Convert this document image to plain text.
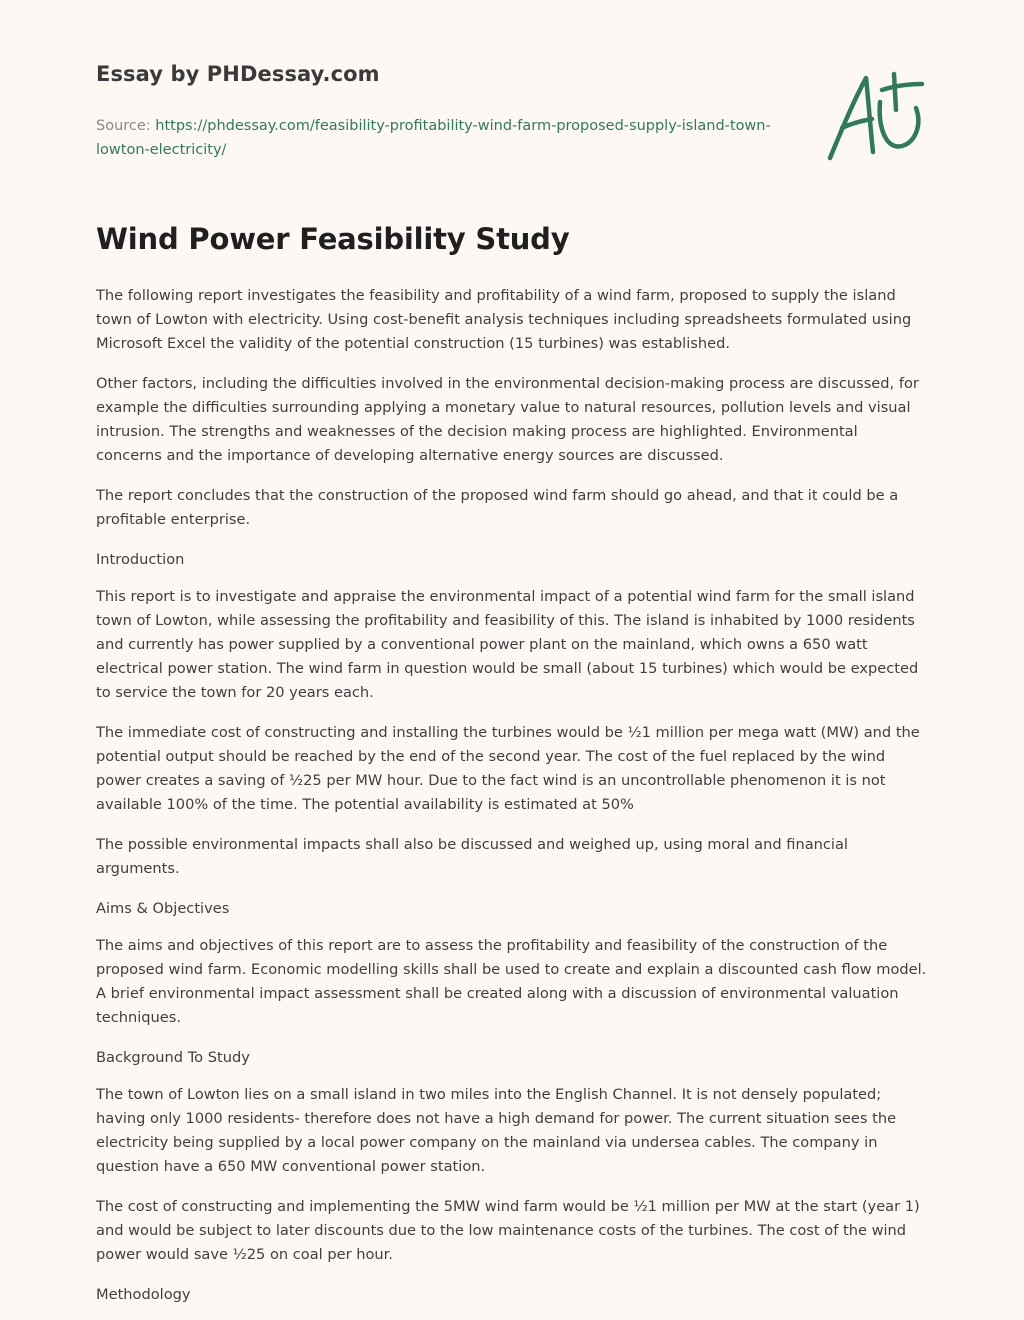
Essay by PHDessay.com
Source: https://phdessay.com/feasibility-profitability-wind-farm-proposed-supply-island-town-lowton-electricity/
Wind Power Feasibility Study

The following report investigates the feasibility and profitability of a wind farm, proposed to supply the island town of Lowton with electricity. Using cost-benefit analysis techniques including spreadsheets formulated using Microsoft Excel the validity of the potential construction (15 turbines) was established.

Other factors, including the difficulties involved in the environmental decision-making process are discussed, for example the difficulties surrounding applying a monetary value to natural resources, pollution levels and visual intrusion. The strengths and weaknesses of the decision making process are highlighted. Environmental concerns and the importance of developing alternative energy sources are discussed.

The report concludes that the construction of the proposed wind farm should go ahead, and that it could be a profitable enterprise.

Introduction

This report is to investigate and appraise the environmental impact of a potential wind farm for the small island town of Lowton, while assessing the profitability and feasibility of this. The island is inhabited by 1000 residents and currently has power supplied by a conventional power plant on the mainland, which owns a 650 watt electrical power station. The wind farm in question would be small (about 15 turbines) which would be expected to service the town for 20 years each.

The immediate cost of constructing and installing the turbines would be ½1 million per mega watt (MW) and the potential output should be reached by the end of the second year. The cost of the fuel replaced by the wind power creates a saving of ½25 per MW hour. Due to the fact wind is an uncontrollable phenomenon it is not available 100% of the time. The potential availability is estimated at 50%

The possible environmental impacts shall also be discussed and weighed up, using moral and financial arguments.

Aims & Objectives

The aims and objectives of this report are to assess the profitability and feasibility of the construction of the proposed wind farm. Economic modelling skills shall be used to create and explain a discounted cash flow model. A brief environmental impact assessment shall be created along with a discussion of environmental valuation techniques.

Background To Study

The town of Lowton lies on a small island in two miles into the English Channel. It is not densely populated; having only 1000 residents- therefore does not have a high demand for power. The current situation sees the electricity being supplied by a local power company on the mainland via undersea cables. The company in question have a 650 MW conventional power station.

The cost of constructing and implementing the 5MW wind farm would be ½1 million per MW at the start (year 1) and would be subject to later discounts due to the low maintenance costs of the turbines. The cost of the wind power would save ½25 on coal per hour.

Methodology
